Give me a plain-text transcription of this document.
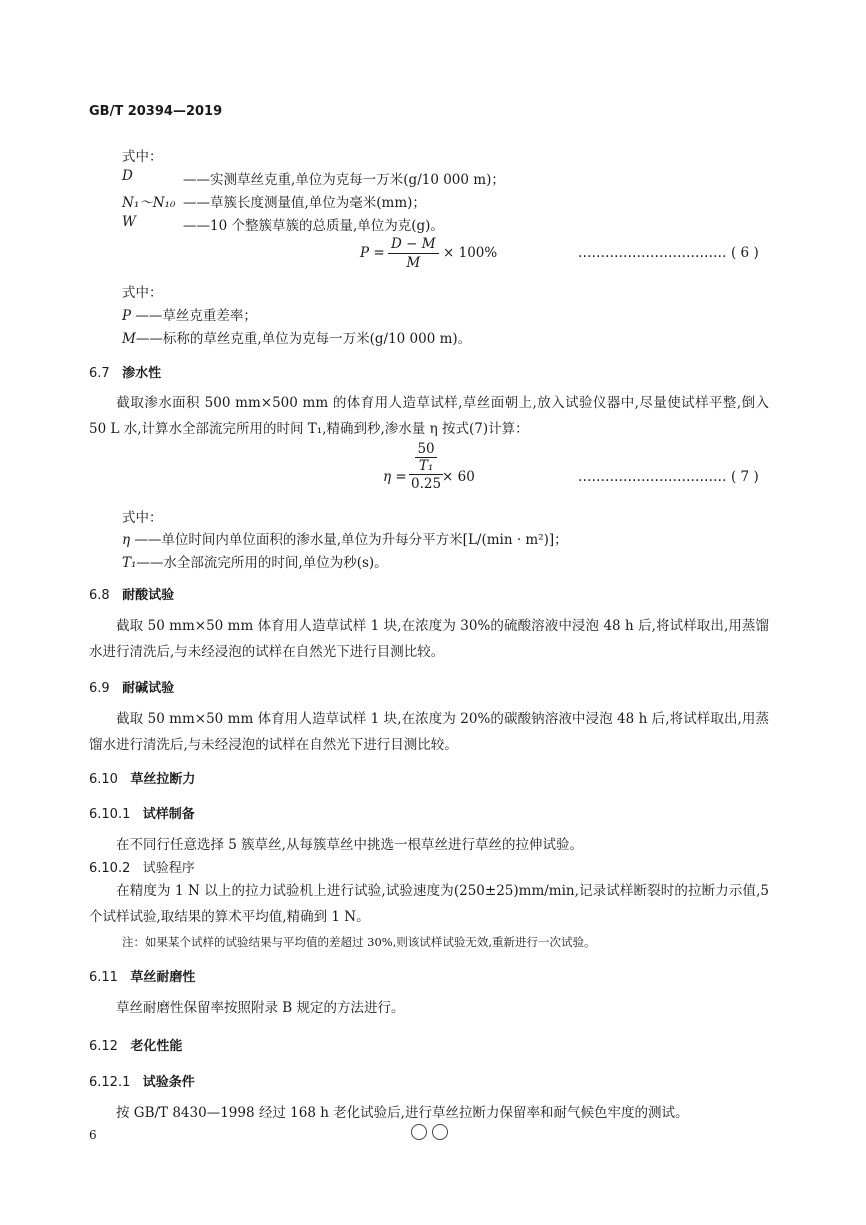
GB/T 20394—2019
式中：
D	——实测草丝克重,单位为克每一万米(g/10 000 m)；
N₁～N₁₀ ——草簇长度测量值,单位为毫米(mm)；
W	——10 个整簇草簇的总质量,单位为克(g)。
$P = \frac{D - M}{M} \times 100\%$	…………………………… ( 6 )
式中：
P ——草丝克重差率；
M——标称的草丝克重,单位为克每一万米(g/10 000 m)。
6.7 渗水性
截取渗水面积 500 mm×500 mm 的体育用人造草试样,草丝面朝上,放入试验仪器中,尽量使试样平整,倒入 50 L 水,计算水全部流完所用的时间 T₁,精确到秒,渗水量 η 按式(7)计算：
$\eta = \frac{\frac{50}{\text{T₁}}}{0.25}$
× 60	…………………………… ( 7 )
式中：
η ——单位时间内单位面积的渗水量,单位为升每分平方米[L/(min · m²)]；
T₁——水全部流完所用的时间,单位为秒(s)。
6.8 耐酸试验
截取 50 mm×50 mm 体育用人造草试样 1 块,在浓度为 30%的硫酸溶液中浸泡 48 h 后,将试样取出,用蒸馏水进行清洗后,与未经浸泡的试样在自然光下进行目测比较。
6.9 耐碱试验
截取 50 mm×50 mm 体育用人造草试样 1 块,在浓度为 20%的碳酸钠溶液中浸泡 48 h 后,将试样取出,用蒸馏水进行清洗后,与未经浸泡的试样在自然光下进行目测比较。
6.10 草丝拉断力
6.10.1 试样制备
在不同行任意选择 5 簇草丝,从每簇草丝中挑选一根草丝进行草丝的拉伸试验。
6.10.2 试验程序
在精度为 1 N 以上的拉力试验机上进行试验,试验速度为(250±25)mm/min,记录试样断裂时的拉断力示值,5 个试样试验,取结果的算术平均值,精确到 1 N。
注：如果某个试样的试验结果与平均值的差超过 30%,则该试样试验无效,重新进行一次试验。
6.11 草丝耐磨性
草丝耐磨性保留率按照附录 B 规定的方法进行。
6.12 老化性能
6.12.1 试验条件
按 GB/T 8430—1998 经过 168 h 老化试验后,进行草丝拉断力保留率和耐气候色牢度的测试。
6
